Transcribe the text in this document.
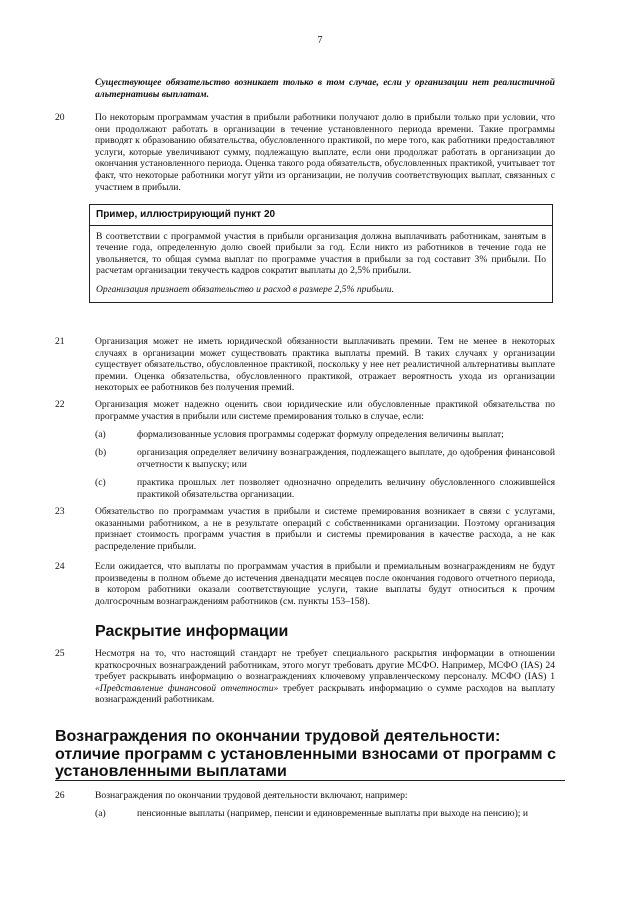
7
Существующее обязательство возникает только в том случае, если у организации нет реалистичной альтернативы выплатам.
20	По некоторым программам участия в прибыли работники получают долю в прибыли только при условии, что они продолжают работать в организации в течение установленного периода времени. Такие программы приводят к образованию обязательства, обусловленного практикой, по мере того, как работники предоставляют услуги, которые увеличивают сумму, подлежащую выплате, если они продолжат работать в организации до окончания установленного периода. Оценка такого рода обязательств, обусловленных практикой, учитывает тот факт, что некоторые работники могут уйти из организации, не получив соответствующих выплат, связанных с участием в прибыли.
Пример, иллюстрирующий пункт 20

В соответствии с программой участия в прибыли организация должна выплачивать работникам, занятым в течение года, определенную долю своей прибыли за год. Если никто из работников в течение года не увольняется, то общая сумма выплат по программе участия в прибыли за год составит 3% прибыли. По расчетам организации текучесть кадров сократит выплаты до 2,5% прибыли.

Организация признает обязательство и расход в размере 2,5% прибыли.

21	Организация может не иметь юридической обязанности выплачивать премии. Тем не менее в некоторых случаях в организации может существовать практика выплаты премий. В таких случаях у организации существует обязательство, обусловленное практикой, поскольку у нее нет реалистичной альтернативы выплате премии. Оценка обязательства, обусловленного практикой, отражает вероятность ухода из организации некоторых ее работников без получения премий.
22	Организация может надежно оценить свои юридические или обусловленные практикой обязательства по программе участия в прибыли или системе премирования только в случае, если:
(a)	формализованные условия программы содержат формулу определения величины выплат;
(b)	организация определяет величину вознаграждения, подлежащего выплате, до одобрения финансовой отчетности к выпуску; или
(c)	практика прошлых лет позволяет однозначно определить величину обусловленного сложившейся практикой обязательства организации.
23	Обязательство по программам участия в прибыли и системе премирования возникает в связи с услугами, оказанными работником, а не в результате операций с собственниками организации. Поэтому организация признает стоимость программ участия в прибыли и системы премирования в качестве расхода, а не как распределение прибыли.
24	Если ожидается, что выплаты по программам участия в прибыли и премиальным вознаграждениям не будут произведены в полном объеме до истечения двенадцати месяцев после окончания годового отчетного периода, в котором работники оказали соответствующие услуги, такие выплаты будут относиться к прочим долгосрочным вознаграждениям работников (см. пункты 153–158).
Раскрытие информации
25	Несмотря на то, что настоящий стандарт не требует специального раскрытия информации в отношении краткосрочных вознаграждений работникам, этого могут требовать другие МСФО. Например, МСФО (IAS) 24 требует раскрывать информацию о вознаграждениях ключевому управленческому персоналу. МСФО (IAS) 1 «Представление финансовой отчетности» требует раскрывать информацию о сумме расходов на выплату вознаграждений работникам.
Вознаграждения по окончании трудовой деятельности: отличие программ с установленными взносами от программ с установленными выплатами
26	Вознаграждения по окончании трудовой деятельности включают, например:
(a)	пенсионные выплаты (например, пенсии и единовременные выплаты при выходе на пенсию); и
